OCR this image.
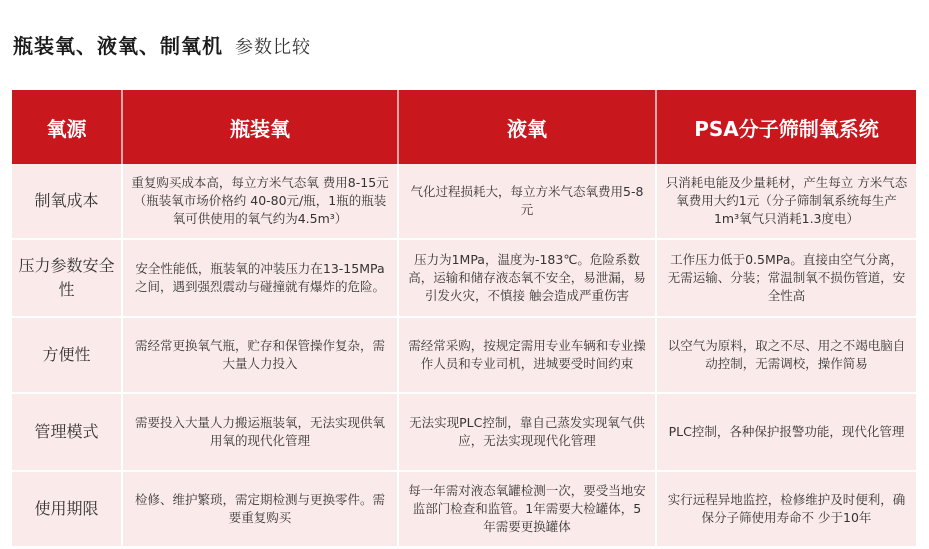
瓶装氧、液氧、制氧机 参数比较
氧源	瓶装氧	液氧	PSA分子筛制氧系统
制氧成本	重复购买成本高，每立方米气态氧 费用8-15元（瓶装氧市场价格约 40-80元/瓶，1瓶的瓶装氧可供使用的氧气约为4.5m³）	气化过程损耗大，每立方米气态氧费用5-8元	只消耗电能及少量耗材，产生每立 方米气态氧费用大约1元（分子筛制氧系统每生产1m³氧气只消耗1.3度电）
压力参数安全性	安全性能低，瓶装氧的冲装压力在13-15MPa之间，遇到强烈震动与碰撞就有爆炸的危险。	压力为1MPa，温度为-183℃。危险系数高，运输和储存液态氧不安全，易泄漏，易引发火灾，不慎接 触会造成严重伤害	工作压力低于0.5MPa。直接由空气分离，无需运输、分装；常温制氧不损伤管道，安全性高
方便性	需经常更换氧气瓶，贮存和保管操作复杂，需大量人力投入	需经常采购，按规定需用专业车辆和专业操作人员和专业司机，进城要受时间约束	以空气为原料，取之不尽、用之不竭电脑自动控制，无需调校，操作简易
管理模式	需要投入大量人力搬运瓶装氧，无法实现供氧用氧的现代化管理	无法实现PLC控制，靠自己蒸发实现氧气供应，无法实现现代化管理	PLC控制，各种保护报警功能，现代化管理
使用期限	检修、维护繁琐，需定期检测与更换零件。需要重复购买	每一年需对液态氧罐检测一次，要受当地安监部门检查和监管。1年需要大检罐体，5年需要更换罐体	实行远程异地监控，检修维护及时便利，确保分子筛使用寿命不 少于10年
